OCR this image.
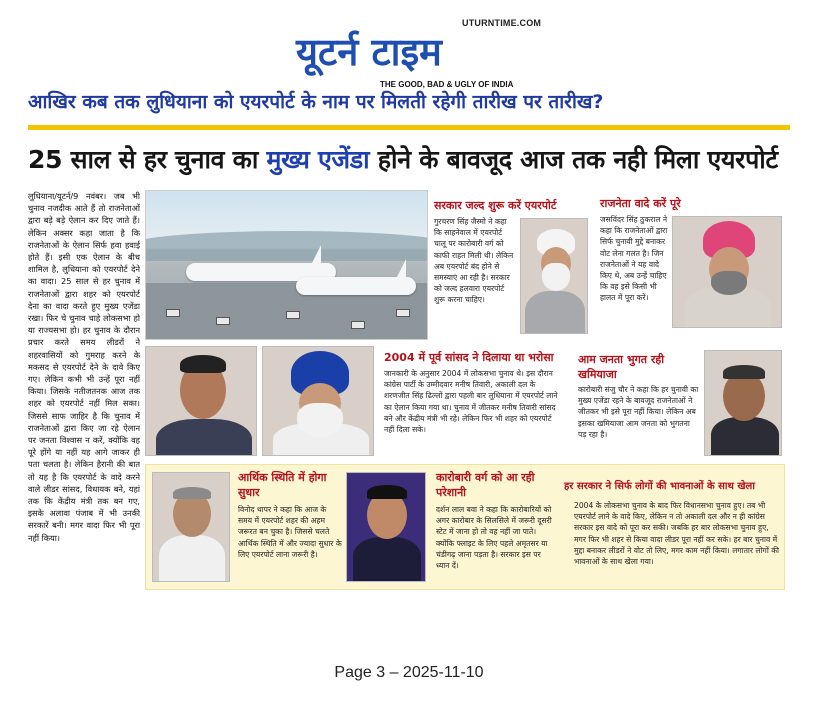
UTURNTIME.COM
यूटर्न टाइम
THE GOOD, BAD & UGLY OF INDIA
आखिर कब तक लुधियाना को एयरपोर्ट के नाम पर मिलती रहेगी तारीख पर तारीख?
25 साल से हर चुनाव का मुख्य एजेंडा होने के बावजूद आज तक नही मिला एयरपोर्ट
लुधियाना/यूटर्न/9 नवंबर। जब भी चुनाव नजदीक आते हैं तो राजनेताओं द्वारा बड़े बड़े ऐलान कर दिए जाते हैं। लेकिन अक्सर कहा जाता है कि राजनेताओं के ऐलान सिर्फ हवा हवाई होते हैं। इसी एक ऐलान के बीच शामिल है, लुधियाना को एयरपोर्ट देने का वादा। 25 साल से हर चुनाव में राजनेताओं द्वारा शहर को एयरपोर्ट देना का वादा करते हुए मुख्य एजेंडा रखा। फिर चे चुनाव चाहे लोकसभा हो या राज्यसभा हो। हर चुनाव के दौरान प्रचार करते समय लीडरों ने शहरवासियों को गुमराह करने के मकसद से एयरपोर्ट देने के दावे किए गए। लेकिन कभी भी उन्हें पूरा नहीं किया। जिसके नतीजतनक आज तक शहर को एयरपोर्ट नहीं मिल सका। जिससे साफ जाहिर है कि चुनाव में राजनेताओं द्वारा किए जा रहे ऐलान पर जनता विश्वास न करें, क्योंकि वह पूरे होंगे या नहीं यह आगे जाकर ही पता चलता है। लेकिन हैरानी की बात तो यह है कि एयरपोर्ट के वादे करने वाले लीडर सांसद, विधायक बने, यहां तक कि केंद्रीय मंत्री तक बन गए, इसके अलावा पंजाब में भी उनकी सरकारें बनी। मगर वादा फिर भी पूरा नहीं किया।
सरकार जल्द शुरू करें एयरपोर्ट
गुरचरण सिंह जैस्मो ने कहा कि साहनेवाल में एयरपोर्ट चालू पर कारोबारी वर्ग को काफी राहत मिली थी। लेकिन अब एयरपोर्ट बंद होने से समस्याएं आ रही है। सरकार को जल्द हलवारा एयरपोर्ट शुरू करना चाहिए।
राजनेता वादे करें पूरे
जसविंदर सिंह ठुकराल ने कहा कि राजनेताओं द्वारा सिर्फ चुनावी मुद्दे बनाकर वोट लेना गलत है। जिन राजनेताओं ने यह वादे किए थे, अब उन्हें चाहिए कि वह इसे किसी भी हालत में पूरा करें।
2004 में पूर्व सांसद ने दिलाया था भरोसा
जानकारी के अनुसार 2004 में लोकसभा चुनाव थे। इस दौरान कांग्रेस पार्टी के उम्मीदवार मनीष तिवारी, अकाली दल के शरणजीत सिंह ढिल्लों द्वारा पहली बार लुधियाना में एयरपोर्ट लाने का ऐलान किया गया था। चुनाव में जीतकर मनीष तिवारी सांसद बने और केंद्रीय मंत्री भी रहे। लेकिन फिर भी शहर को एयरपोर्ट नहीं दिला सके।
आम जनता भुगत रही खमियाजा
कारोबारी संजु चौर ने कहा कि हर चुनावी का मुख्य एजेंडा रहने के बावजूद राजनेताओं ने जीतकर भी इसे पूरा नहीं किया। लेकिन अब इसका खमियाजा आम जनता को भुगतना पड़ रहा है।
आर्थिक स्थिति में होगा सुधार
विनोद थापर ने कहा कि आज के समय में एयरपोर्ट शहर की अहम जरूरत बन चुका है। जिससे चलते आर्थिक स्थिति में और ज्यादा सुधार के लिए एयरपोर्ट लाना जरूरी है।
कारोबारी वर्ग को आ रही परेशानी
दर्शन लाल बवा ने कहा कि कारोबारियों को अगर कारोबार के सिलसिले में जरूरी दूसरी स्टेट में जाना हो तो वह नहीं जा पाते। क्योंकि फ्लाइट के लिए पहले अमृतसर या चंडीगढ़ जाना पड़ता है। सरकार इस पर ध्यान दें।
हर सरकार ने सिर्फ लोगों की भावनाओं के साथ खेला
2004 के लोकसभा चुनाव के बाद फिर विधानसभा चुनाव हुए। तब भी एयरपोर्ट लाने के वादे किए, लेकिन न तो अकाली दल और न ही कांग्रेस सरकार इस वादे को पूरा कर सकी। जबकि हर बार लोकसभा चुनाव हुए, मगर फिर भी शहर से किया वादा लीडर पूरा नहीं कर सके। हर बार चुनाव में मुद्दा बनाकर लीडरों ने वोट तो लिए, मगर काम नहीं किया। लगातार लोगों की भावनाओं के साथ खेला गया।
Page 3 – 2025-11-10
